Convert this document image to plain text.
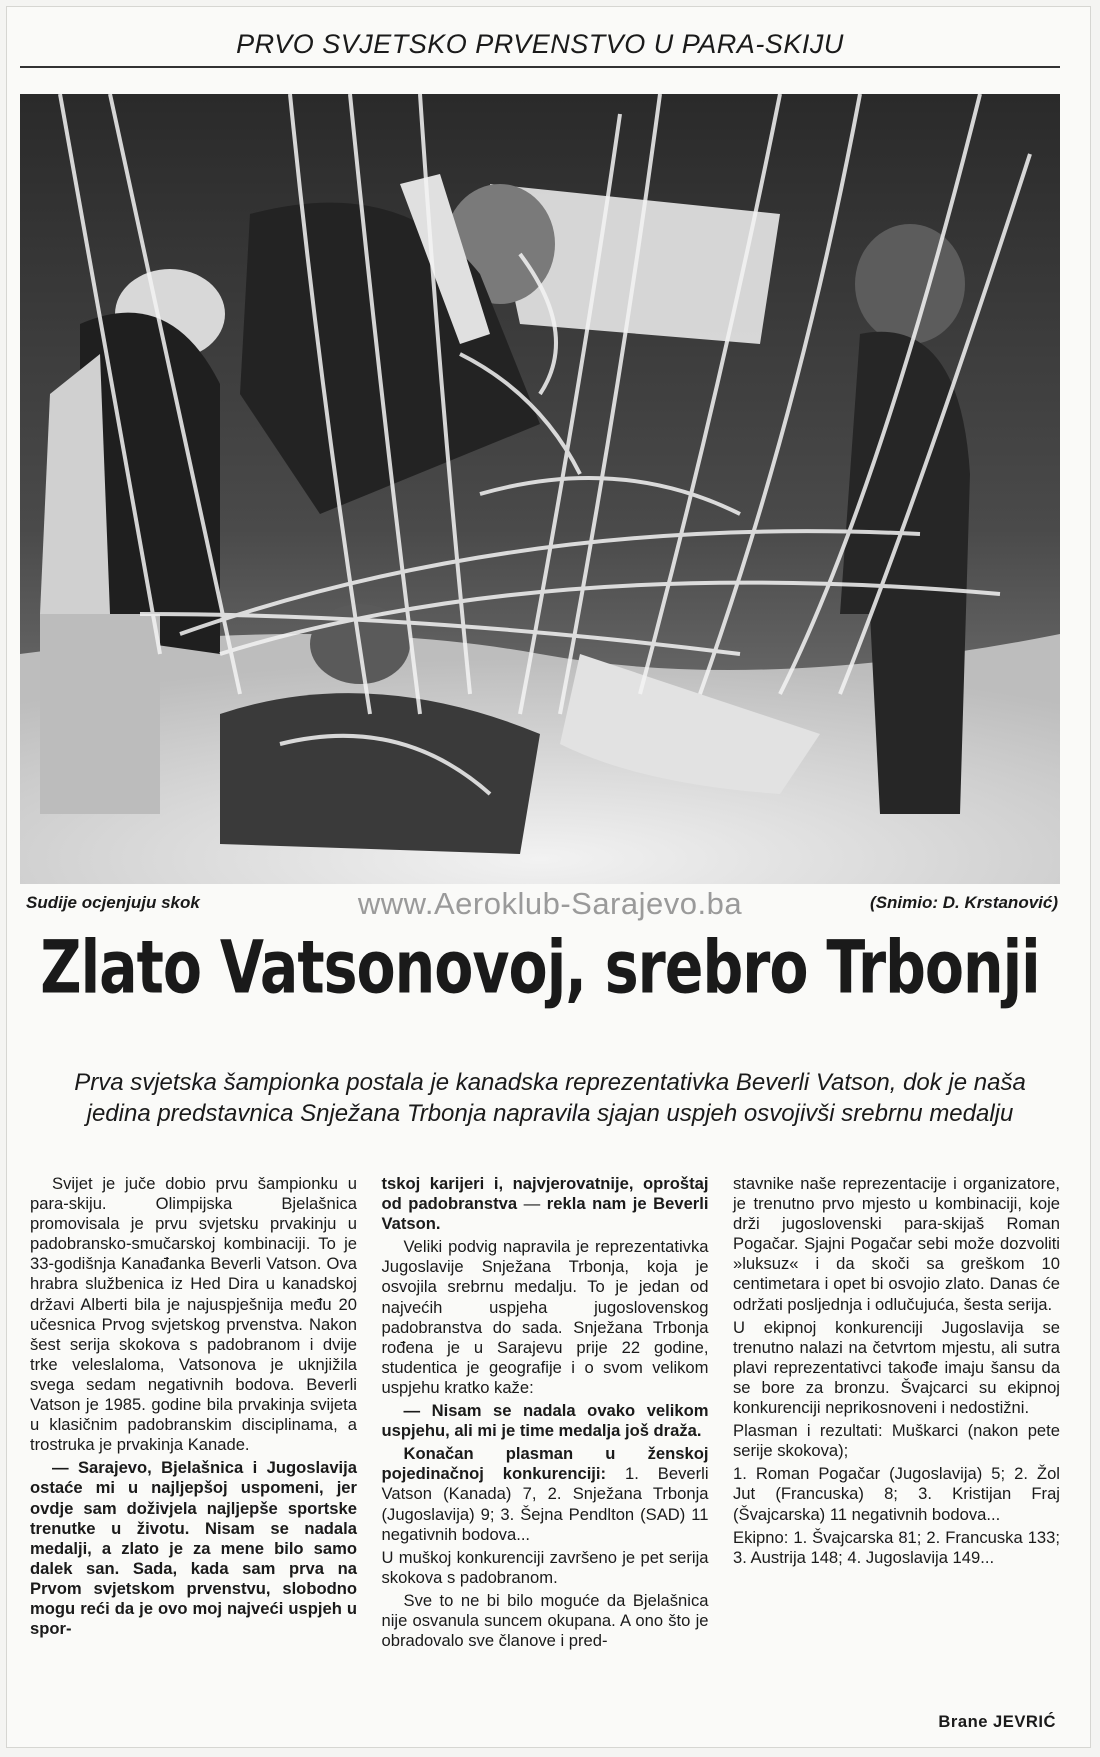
PRVO SVJETSKO PRVENSTVO U PARA-SKIJU
Sudije ocjenjuju skok	www.Aeroklub-Sarajevo.ba	(Snimio: D. Krstanović)
Zlato Vatsonovoj, srebro Trbonji
Prva svjetska šampionka postala je kanadska reprezentativka Beverli Vatson, dok je naša jedina predstavnica Snježana Trbonja napravila sjajan uspjeh osvojivši srebrnu medalju

Svijet je juče dobio prvu šampionku u para-skiju. Olimpijska Bjelašnica promovisala je prvu svjetsku prvakinju u padobransko-smučarskoj kombinaciji. To je 33-godišnja Kanađanka Beverli Vatson. Ova hrabra službenica iz Hed Dira u kanadskoj državi Alberti bila je najuspješnija među 20 učesnica Prvog svjetskog prvenstva. Nakon šest serija skokova s padobranom i dvije trke veleslaloma, Vatsonova je uknjižila svega sedam negativnih bodova. Beverli Vatson je 1985. godine bila prvakinja svijeta u klasičnim padobranskim disciplinama, a trostruka je prvakinja Kanade.

— Sarajevo, Bjelašnica i Jugoslavija ostaće mi u najljepšoj uspomeni, jer ovdje sam doživjela najljepše sportske trenutke u životu. Nisam se nadala medalji, a zlato je za mene bilo samo dalek san. Sada, kada sam prva na Prvom svjetskom prvenstvu, slobodno mogu reći da je ovo moj najveći uspjeh u spor-

tskoj karijeri i, najvjerovatnije, oproštaj od padobranstva — rekla nam je Beverli Vatson.

Veliki podvig napravila je reprezentativka Jugoslavije Snježana Trbonja, koja je osvojila srebrnu medalju. To je jedan od najvećih uspjeha jugoslovenskog padobranstva do sada. Snježana Trbonja rođena je u Sarajevu prije 22 godine, studentica je geografije i o svom velikom uspjehu kratko kaže:

— Nisam se nadala ovako velikom uspjehu, ali mi je time medalja još draža.

Konačan plasman u ženskoj pojedinačnoj konkurenciji: 1. Beverli Vatson (Kanada) 7, 2. Snježana Trbonja (Jugoslavija) 9; 3. Šejna Pendlton (SAD) 11 negativnih bodova...

U muškoj konkurenciji završeno je pet serija skokova s padobranom.

Sve to ne bi bilo moguće da Bjelašnica nije osvanula suncem okupana. A ono što je obradovalo sve članove i pred-

stavnike naše reprezentacije i organizatore, je trenutno prvo mjesto u kombinaciji, koje drži jugoslovenski para-skijaš Roman Pogačar. Sjajni Pogačar sebi može dozvoliti »luksuz« i da skoči sa greškom 10 centimetara i opet bi osvojio zlato. Danas će održati posljednja i odlučujuća, šesta serija.

U ekipnoj konkurenciji Jugoslavija se trenutno nalazi na četvrtom mjestu, ali sutra plavi reprezentativci takođe imaju šansu da se bore za bronzu. Švajcarci su ekipnoj konkurenciji neprikosnoveni i nedostižni.

Plasman i rezultati: Muškarci (nakon pete serije skokova);

1. Roman Pogačar (Jugoslavija) 5; 2. Žol Jut (Francuska) 8; 3. Kristijan Fraj (Švajcarska) 11 negativnih bodova...

Ekipno: 1. Švajcarska 81; 2. Francuska 133; 3. Austrija 148; 4. Jugoslavija 149...

Brane JEVRIĆ
